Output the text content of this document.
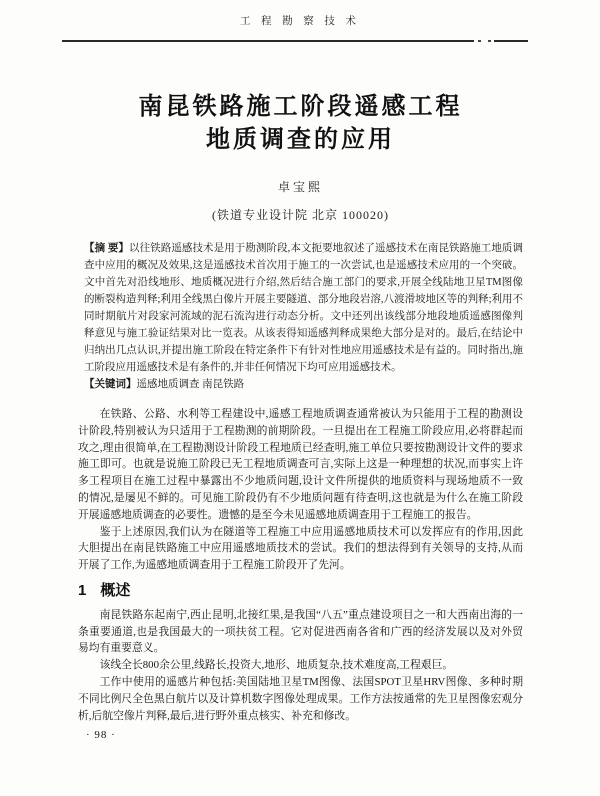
工 程 勘 察 技 术
南昆铁路施工阶段遥感工程
地质调查的应用
卓宝熙
(铁道专业设计院 北京 100020)

【摘 要】以往铁路遥感技术是用于勘测阶段,本文扼要地叙述了遥感技术在南昆铁路施工地质调查中应用的概况及效果,这是遥感技术首次用于施工的一次尝试,也是遥感技术应用的一个突破。文中首先对沿线地形、地质概况进行介绍,然后结合施工部门的要求,开展全线陆地卫星TM图像的断裂构造判释;利用全线黑白像片开展主要隧道、部分地段岩溶,八渡滑坡地区等的判释;利用不同时期航片对段家河流域的泥石流沟进行动态分析。文中还列出该线部分地段地质遥感图像判释意见与施工验证结果对比一览表。从该表得知遥感判释成果绝大部分是对的。最后,在结论中归纳出几点认识,并提出施工阶段在特定条件下有针对性地应用遥感技术是有益的。同时指出,施工阶段应用遥感技术是有条件的,并非任何情况下均可应用遥感技术。

【关键词】遥感地质调查 南昆铁路

在铁路、公路、水利等工程建设中,遥感工程地质调查通常被认为只能用于工程的勘测设计阶段,特别被认为只适用于工程勘测的前期阶段。一旦提出在工程施工阶段应用,必将群起而攻之,理由很简单,在工程勘测设计阶段工程地质已经查明,施工单位只要按勘测设计文件的要求施工即可。也就是说施工阶段已无工程地质调查可言,实际上这是一种理想的状况,而事实上许多工程项目在施工过程中暴露出不少地质问题,设计文件所提供的地质资料与现场地质不一致的情况,是屡见不鲜的。可见施工阶段仍有不少地质问题有待查明,这也就是为什么在施工阶段开展遥感地质调查的必要性。遗憾的是至今未见遥感地质调查用于工程施工的报告。

鉴于上述原因,我们认为在隧道等工程施工中应用遥感地质技术可以发挥应有的作用,因此大胆提出在南昆铁路施工中应用遥感地质技术的尝试。我们的想法得到有关领导的支持,从而开展了工作,为遥感地质调查用于工程施工阶段开了先河。

1 概述

南昆铁路东起南宁,西止昆明,北接红果,是我国“八五”重点建设项目之一和大西南出海的一条重要通道,也是我国最大的一项扶贫工程。它对促进西南各省和广西的经济发展以及对外贸易均有重要意义。

该线全长800余公里,线路长,投资大,地形、地质复杂,技术难度高,工程艰巨。

工作中使用的遥感片种包括:美国陆地卫星TM图像、法国SPOT卫星HRV图像、多种时期不同比例尺全色黑白航片以及计算机数字图像处理成果。工作方法按通常的先卫星图像宏观分析,后航空像片判释,最后,进行野外重点核实、补充和修改。

· 98 ·
